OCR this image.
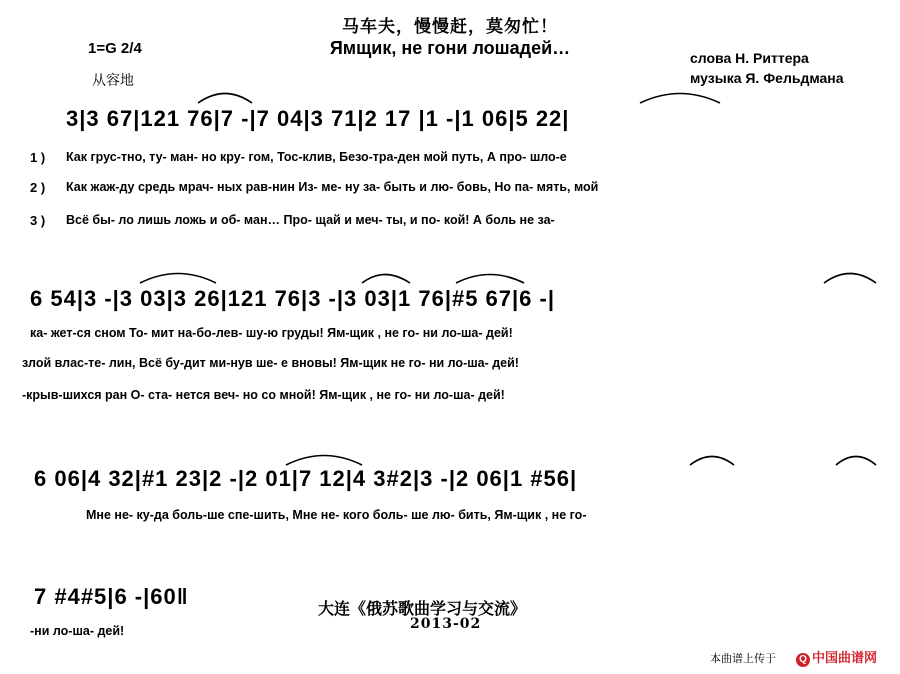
马车夫，慢慢赶，莫匆忙！
Ямщик, не гони лошадей…
1=G 2/4
从容地
слова Н. Риттера
музыка Я. Фельдмана
3|3 67|121 76|7 -|7 04|3 71|2 17 |1 -|1 06|5 22|
1 ) Как грус-тно, ту- ман- но кру- гом, Тос-клив, Безо-тра-ден мой путь, А про- шло-е
2 ) Как жаж-ду средь мрач- ных рав-нин Из- ме- ну за- быть и лю- бовь, Но па- мять, мой
3 ) Всё бы- ло лишь ложь и об- ман… Про- щай и меч- ты, и по- кой! А боль не за-
6 54|3 -|3 03|3 26|121 76|3 -|3 03|1 76|#5 67|6 -|
ка- жет-ся сном То- мит на-бо-лев- шу-ю груды! Ям-щик , не го- ни ло-ша- дей!
злой влас-те- лин, Всё бу-дит ми-нув ше- е вновы! Ям-щик не го- ни ло-ша- дей!
-крыв-шихся ран О- ста- нется веч- но со мной! Ям-щик , не го- ни ло-ша- дей!
6 06|4 32|#1 23|2 -|2 01|7 12|4 3#2|3 -|2 06|1 #56|
Мне не- ку-да боль-ше спе-шить, Мне не- кого боль- ше лю- бить, Ям-щик , не го-
7 #4#5|6 -|60‖
-ни ло-ша- дей!
大连《俄苏歌曲学习与交流》
2013-02
本曲谱上传于	Q 中国曲谱网
